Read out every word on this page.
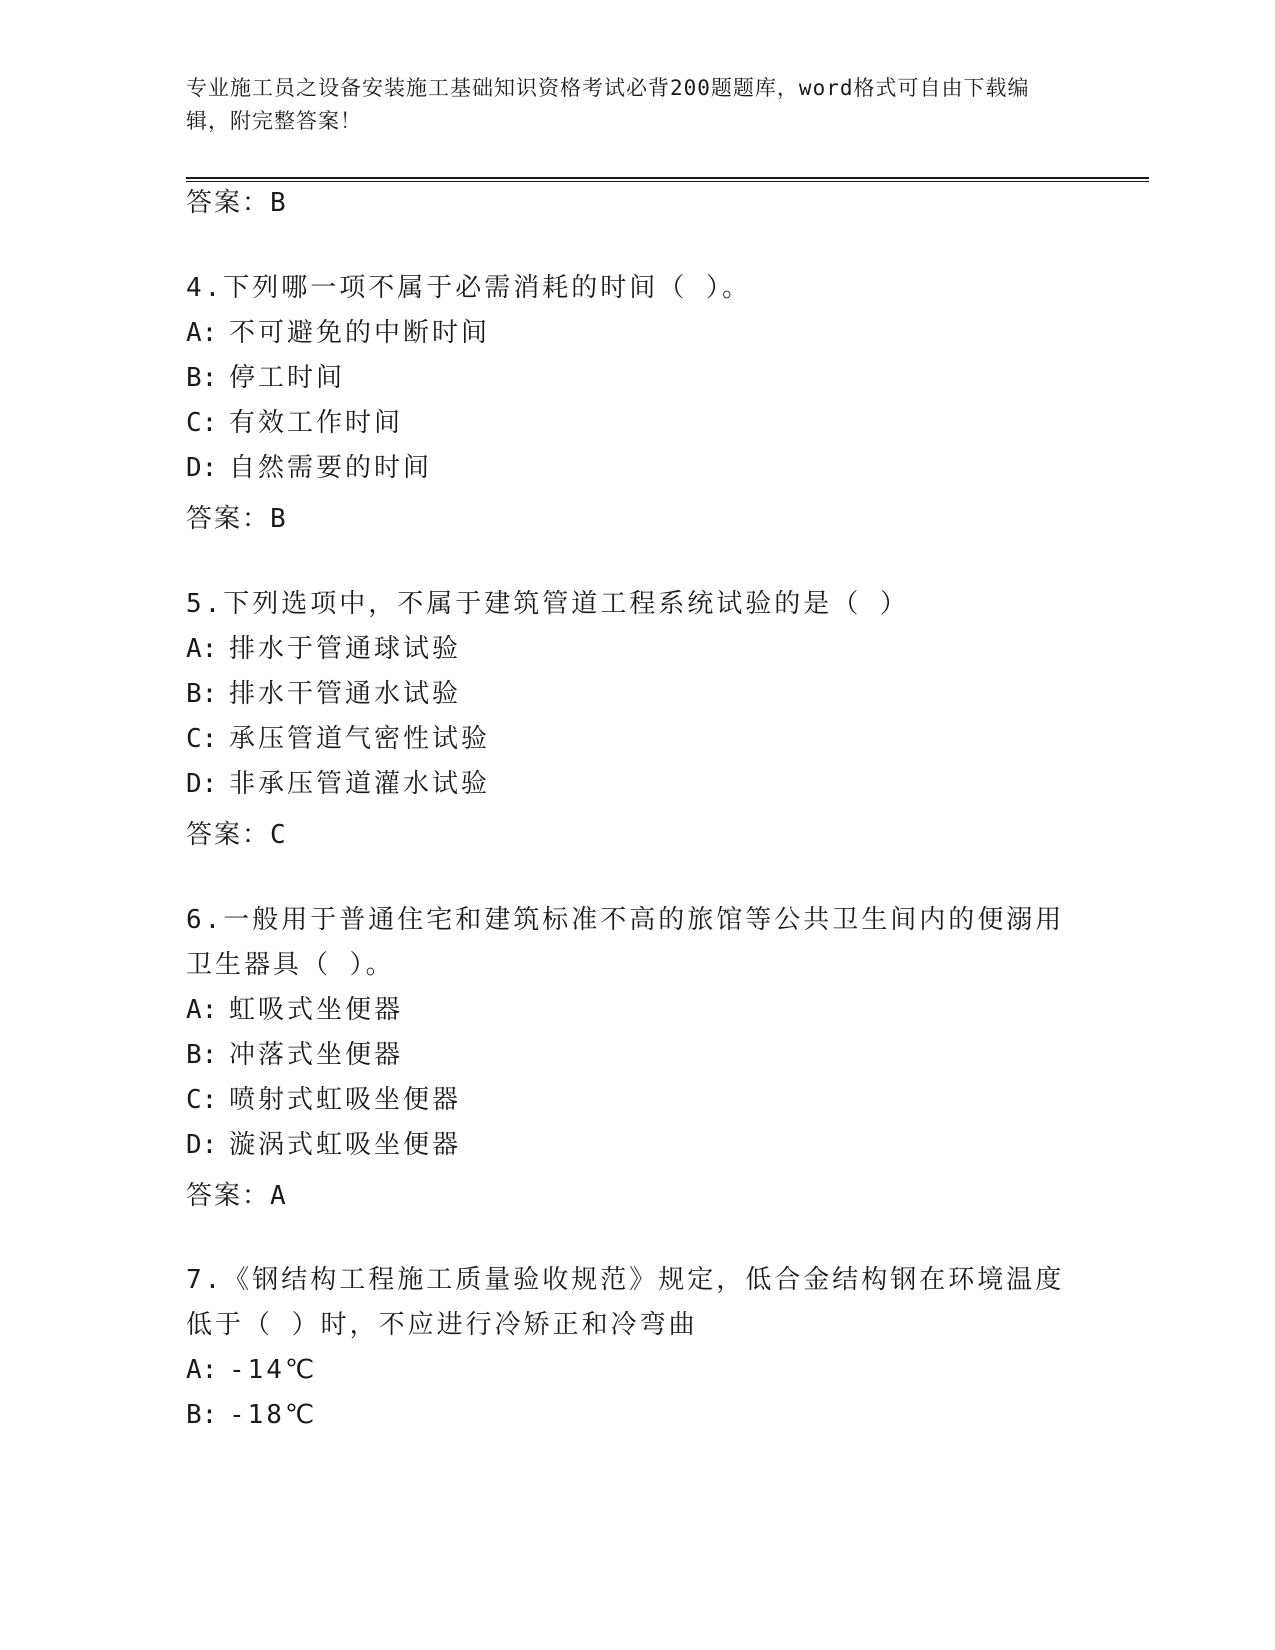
专业施工员之设备安装施工基础知识资格考试必背200题题库，word格式可自由下载编辑，附完整答案！
答案：B

4.下列哪一项不属于必需消耗的时间（ ）。

A: 不可避免的中断时间
B: 停工时间
C: 有效工作时间
D: 自然需要的时间
答案：B

5.下列选项中，不属于建筑管道工程系统试验的是（ ）

A: 排水于管通球试验
B: 排水干管通水试验
C: 承压管道气密性试验
D: 非承压管道灌水试验
答案：C

6.一般用于普通住宅和建筑标准不高的旅馆等公共卫生间内的便溺用卫生器具（ ）。

A: 虹吸式坐便器
B: 冲落式坐便器
C: 喷射式虹吸坐便器
D: 漩涡式虹吸坐便器
答案：A

7.《钢结构工程施工质量验收规范》规定，低合金结构钢在环境温度低于（ ）时，不应进行冷矫正和冷弯曲

A: -14℃
B: -18℃
